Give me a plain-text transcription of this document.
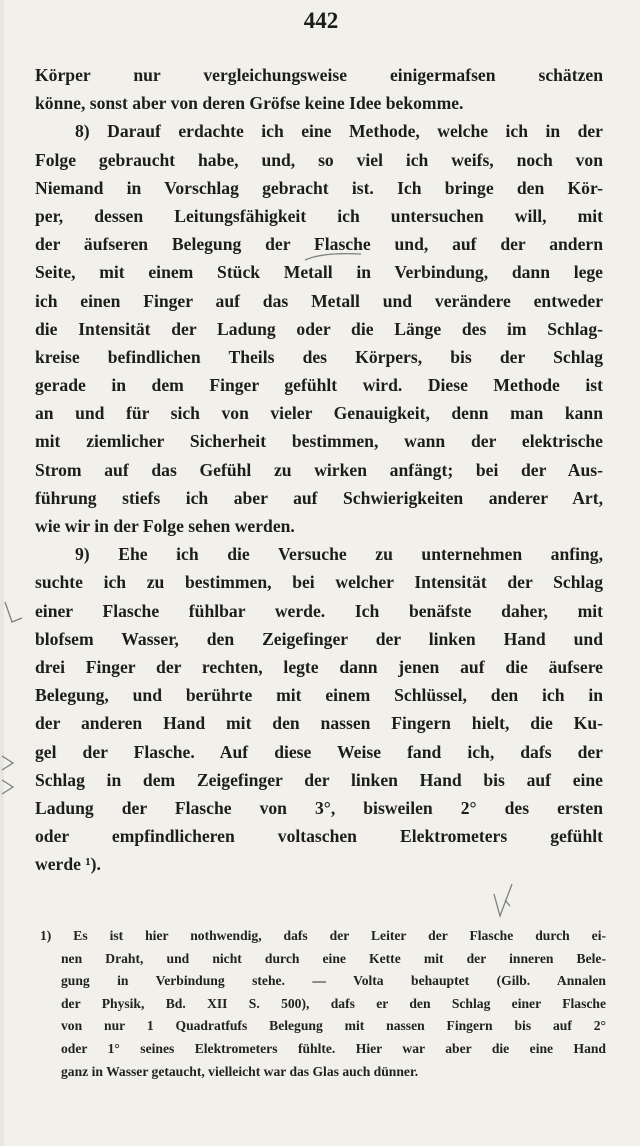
442
Körper nur vergleichungsweise einigermafsen schätzen
könne, sonst aber von deren Gröfse keine Idee bekomme.
8) Darauf erdachte ich eine Methode, welche ich in der
Folge gebraucht habe, und, so viel ich weifs, noch von
Niemand in Vorschlag gebracht ist. Ich bringe den Kör-
per, dessen Leitungsfähigkeit ich untersuchen will, mit
der äufseren Belegung der Flasche und, auf der andern
Seite, mit einem Stück Metall in Verbindung, dann lege
ich einen Finger auf das Metall und verändere entweder
die Intensität der Ladung oder die Länge des im Schlag-
kreise befindlichen Theils des Körpers, bis der Schlag
gerade in dem Finger gefühlt wird. Diese Methode ist
an und für sich von vieler Genauigkeit, denn man kann
mit ziemlicher Sicherheit bestimmen, wann der elektrische
Strom auf das Gefühl zu wirken anfängt; bei der Aus-
führung stiefs ich aber auf Schwierigkeiten anderer Art,
wie wir in der Folge sehen werden.
9) Ehe ich die Versuche zu unternehmen anfing,
suchte ich zu bestimmen, bei welcher Intensität der Schlag
einer Flasche fühlbar werde. Ich benäfste daher, mit
blofsem Wasser, den Zeigefinger der linken Hand und
drei Finger der rechten, legte dann jenen auf die äufsere
Belegung, und berührte mit einem Schlüssel, den ich in
der anderen Hand mit den nassen Fingern hielt, die Ku-
gel der Flasche. Auf diese Weise fand ich, dafs der
Schlag in dem Zeigefinger der linken Hand bis auf eine
Ladung der Flasche von 3°, bisweilen 2° des ersten
oder empfindlicheren voltaschen Elektrometers gefühlt
werde ¹).
1) Es ist hier nothwendig, dafs der Leiter der Flasche durch ei-
nen Draht, und nicht durch eine Kette mit der inneren Bele-
gung in Verbindung stehe. — Volta behauptet (Gilb. Annalen
der Physik, Bd. XII S. 500), dafs er den Schlag einer Flasche
von nur 1 Quadratfufs Belegung mit nassen Fingern bis auf 2°
oder 1° seines Elektrometers fühlte. Hier war aber die eine Hand
ganz in Wasser getaucht, vielleicht war das Glas auch dünner.
